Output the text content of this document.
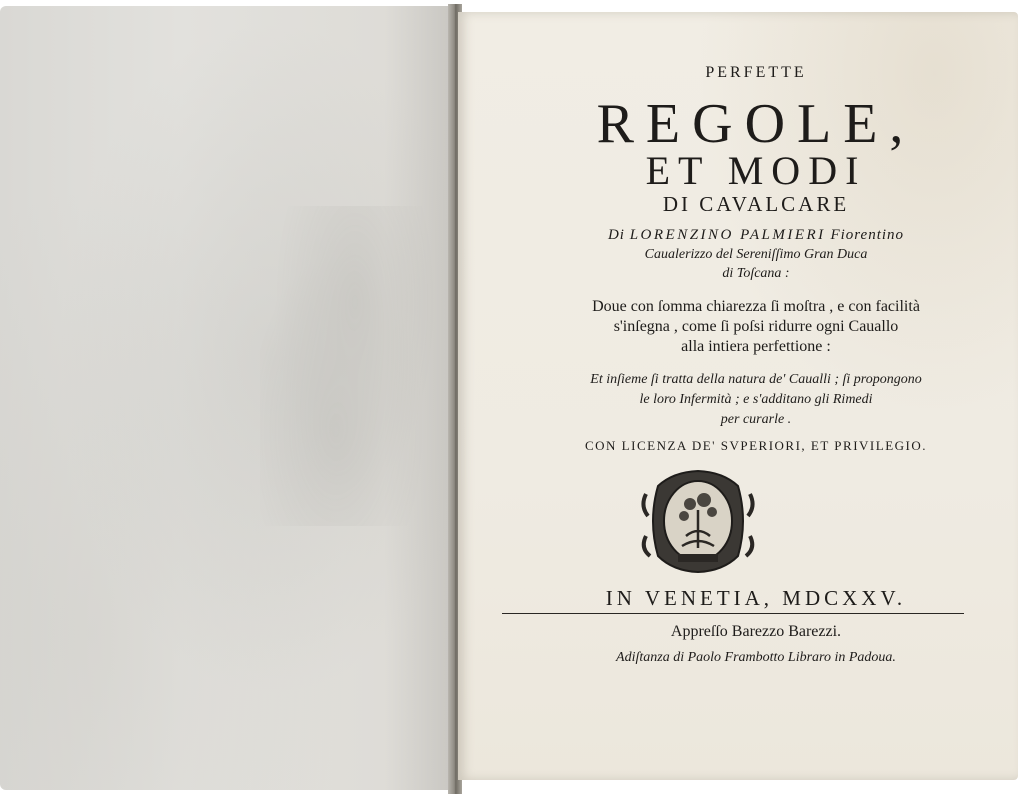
PERFETTE
REGOLE,
ET MODI
DI CAVALCARE
Di LORENZINO PALMIERI Fiorentino
Caualerizzo del Sereniſſimo Gran Duca
di Toſcana :
Doue con ſomma chiarezza ſi moſtra , e con facilità
s'inſegna , come ſi poſsi ridurre ogni Cauallo
alla intiera perfettione :
Et inſieme ſi tratta della natura de' Caualli ; ſi propongono
le loro Infermità ; e s'additano gli Rimedi
per curarle .
CON LICENZA DE' SVPERIORI, ET PRIVILEGIO.
IN VENETIA, MDCXXV.
Appreſſo Barezzo Barezzi.
Adiſtanza di Paolo Frambotto Libraro in Padoua.
